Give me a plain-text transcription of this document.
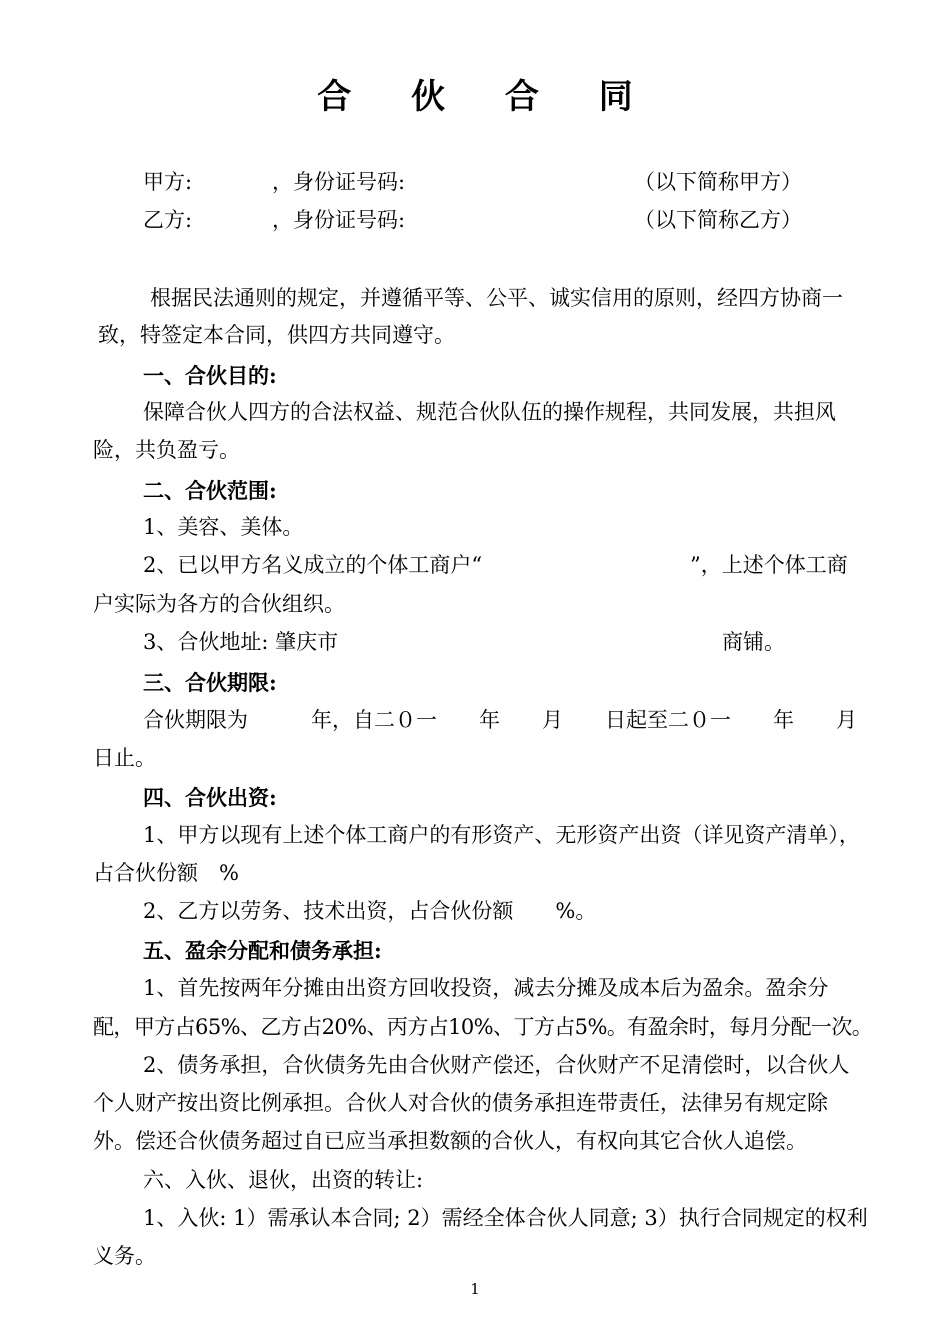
合 伙 合 同
甲方:	，身份证号码:	（以下简称甲方）
乙方:	，身份证号码:	（以下简称乙方）
根据民法通则的规定，并遵循平等、公平、诚实信用的原则，经四方协商一
致，特签定本合同，供四方共同遵守。
一、合伙目的:
保障合伙人四方的合法权益、规范合伙队伍的操作规程，共同发展，共担风
险，共负盈亏。
二、合伙范围:
1、美容、美体。
2、已以甲方名义成立的个体工商户“	”，上述个体工商
户实际为各方的合伙组织。
3、合伙地址: 肇庆市	商铺。
三、合伙期限:
合伙期限为　　　年，自二０一　　年　　月　　日起至二０一　　年　　月
日止。
四、合伙出资:
1、甲方以现有上述个体工商户的有形资产、无形资产出资（详见资产清单），
占合伙份额　%
2、乙方以劳务、技术出资，占合伙份额　　%。
五、盈余分配和债务承担:
1、首先按两年分摊由出资方回收投资，减去分摊及成本后为盈余。盈余分
配，甲方占65%、乙方占20%、丙方占10%、丁方占5%。有盈余时，每月分配一次。
2、债务承担，合伙债务先由合伙财产偿还，合伙财产不足清偿时，以合伙人
个人财产按出资比例承担。合伙人对合伙的债务承担连带责任，法律另有规定除
外。偿还合伙债务超过自已应当承担数额的合伙人，有权向其它合伙人追偿。
六、入伙、退伙，出资的转让:
1、入伙: 1）需承认本合同; 2）需经全体合伙人同意; 3）执行合同规定的权利
义务。
1
